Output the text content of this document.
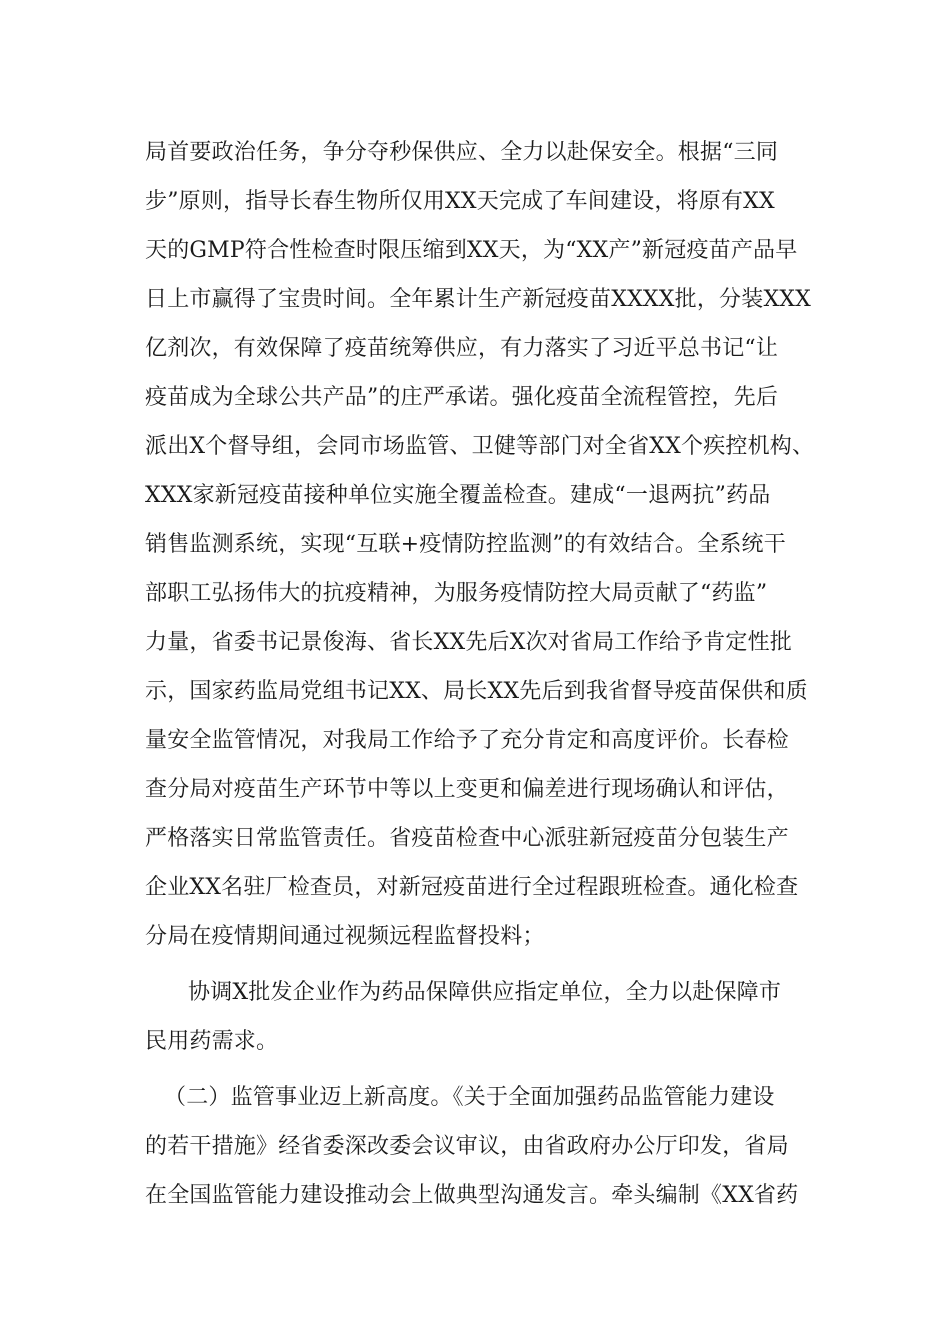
局首要政治任务，争分夺秒保供应、全力以赴保安全。根据“三同
步”原则，指导长春生物所仅用XX天完成了车间建设，将原有XX
天的GMP符合性检查时限压缩到XX天，为“XX产”新冠疫苗产品早
日上市赢得了宝贵时间。全年累计生产新冠疫苗XXXX批，分装XXX
亿剂次，有效保障了疫苗统筹供应，有力落实了习近平总书记“让
疫苗成为全球公共产品”的庄严承诺。强化疫苗全流程管控，先后
派出X个督导组，会同市场监管、卫健等部门对全省XX个疾控机构、
XXX家新冠疫苗接种单位实施全覆盖检查。建成“一退两抗”药品
销售监测系统，实现“互联+疫情防控监测”的有效结合。全系统干
部职工弘扬伟大的抗疫精神，为服务疫情防控大局贡献了“药监”
力量，省委书记景俊海、省长XX先后X次对省局工作给予肯定性批
示，国家药监局党组书记XX、局长XX先后到我省督导疫苗保供和质
量安全监管情况，对我局工作给予了充分肯定和高度评价。长春检
查分局对疫苗生产环节中等以上变更和偏差进行现场确认和评估，
严格落实日常监管责任。省疫苗检查中心派驻新冠疫苗分包装生产
企业XX名驻厂检查员，对新冠疫苗进行全过程跟班检查。通化检查
分局在疫情期间通过视频远程监督投料；
协调X批发企业作为药品保障供应指定单位，全力以赴保障市
民用药需求。
（二）监管事业迈上新高度。《关于全面加强药品监管能力建设
的若干措施》经省委深改委会议审议，由省政府办公厅印发，省局
在全国监管能力建设推动会上做典型沟通发言。牵头编制《XX省药
